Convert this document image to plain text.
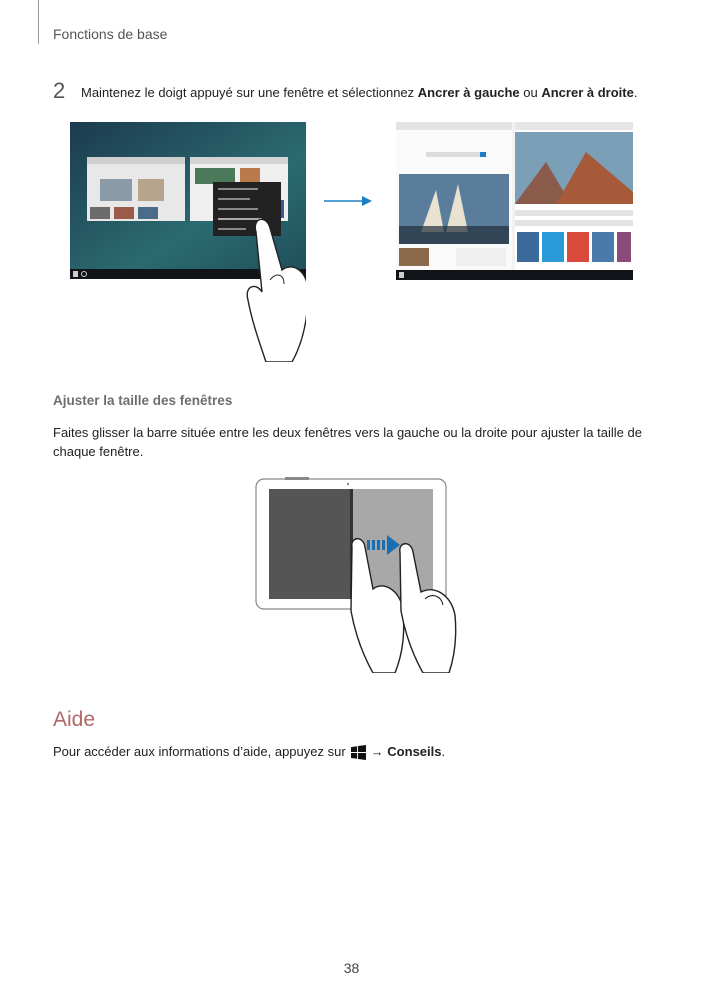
Fonctions de base
2	Maintenez le doigt appuyé sur une fenêtre et sélectionnez Ancrer à gauche ou Ancrer à droite.
Ajuster la taille des fenêtres
Faites glisser la barre située entre les deux fenêtres vers la gauche ou la droite pour ajuster la taille de chaque fenêtre.
Aide
Pour accéder aux informations d’aide, appuyez sur →
Conseils .
38
